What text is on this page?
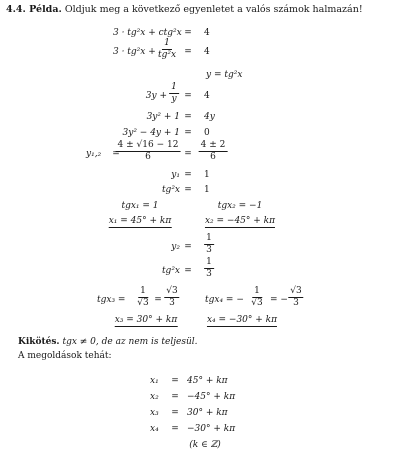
4.4. Példa. Oldjuk meg a következő egyenletet a valós számok halmazán!
3 · tg²x + ctg²x = 4
$3 \cdot tg^2x + \frac{1}{\text{tg²x}} = 4$
y = tg²x
$3y + \frac{1}{y} = 4$
3y² + 1 = 4y
3y² − 4y + 1 = 0
y₁,₂ =
$\frac{4 \pm √16 - 12}{6} = \frac{4 \pm 2}{6}$
y₁ = 1
tg²x = 1
tgx₁ = 1	tgx₂ = −1
x₁ = 45° + kπ	x₂ = −45° + kπ
$y_2 = \frac{1}{3}$
$tg^2x = \frac{1}{3}$
tgx₃ =
1
√3 =
√3
3	tgx₄ = −
1
√3 = −
√3
3
x₃ = 30° + kπ	x₄ = −30° + kπ
Kikötés. tgx ≠ 0, de az nem is teljesül.
A megoldások tehát:
x₁ = 45° + kπ
x₂ = −45° + kπ
x₃ = 30° + kπ
x₄ = −30° + kπ
(k ∈ ℤ)
